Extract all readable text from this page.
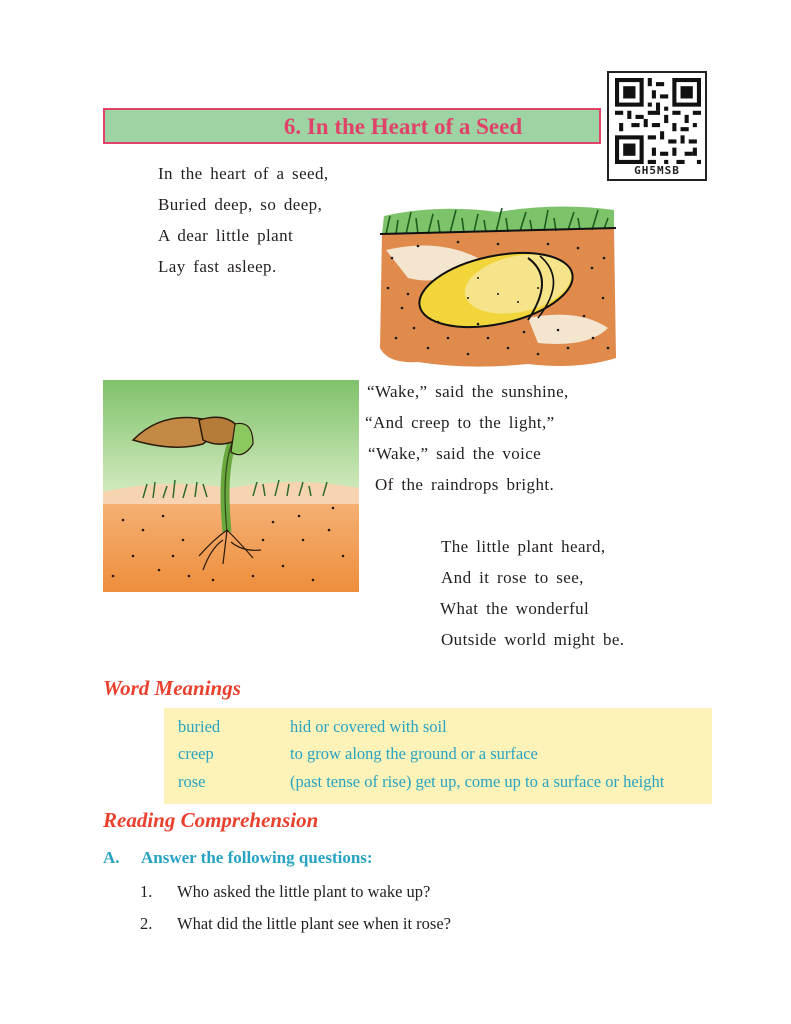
6. In the Heart of a Seed
GH5MSB
In the heart of a seed,
Buried deep, so deep,
A dear little plant
Lay fast asleep.
“Wake,” said the sunshine,
“And creep to the light,”
“Wake,” said the voice
Of the raindrops bright.
The little plant heard,
And it rose to see,
What the wonderful
Outside world might be.
Word Meanings
buried	hid or covered with soil
creep	to grow along the ground or a surface
rose	(past tense of rise) get up, come up to a surface or height
Reading Comprehension
A. Answer the following questions:
1. Who asked the little plant to wake up?
2. What did the little plant see when it rose?
